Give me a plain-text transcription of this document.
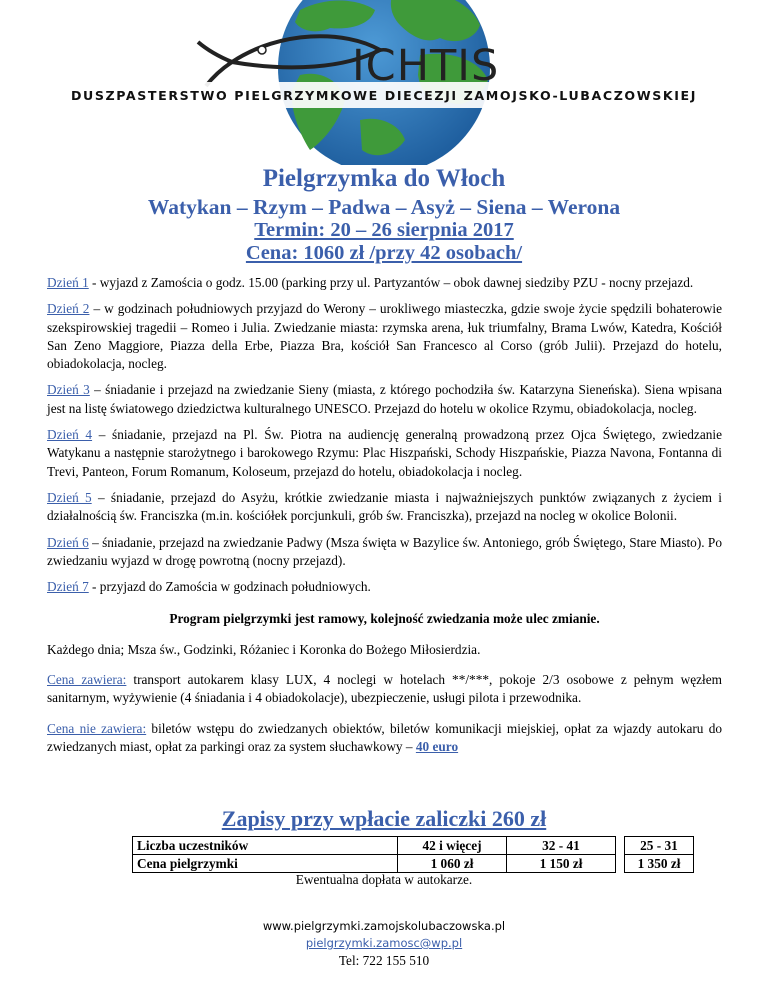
ICHTIS
DUSZPASTERSTWO PIELGRZYMKOWE DIECEZJI ZAMOJSKO-LUBACZOWSKIEJ
Pielgrzymka do Włoch
Watykan – Rzym – Padwa – Asyż – Siena – Werona
Termin: 20 – 26 sierpnia 2017
Cena: 1060 zł /przy 42 osobach/

Dzień 1 - wyjazd z Zamościa o godz. 15.00 (parking przy ul. Partyzantów – obok dawnej siedziby PZU - nocny przejazd.

Dzień 2 – w godzinach południowych przyjazd do Werony – urokliwego miasteczka, gdzie swoje życie spędzili bohaterowie szekspirowskiej tragedii – Romeo i Julia. Zwiedzanie miasta: rzymska arena, łuk triumfalny, Brama Lwów, Katedra, Kościół San Zeno Maggiore, Piazza della Erbe, Piazza Bra, kościół San Francesco al Corso (grób Julii). Przejazd do hotelu, obiadokolacja, nocleg.

Dzień 3 – śniadanie i przejazd na zwiedzanie Sieny (miasta, z którego pochodziła św. Katarzyna Sieneńska). Siena wpisana jest na listę światowego dziedzictwa kulturalnego UNESCO. Przejazd do hotelu w okolice Rzymu, obiadokolacja, nocleg.

Dzień 4 – śniadanie, przejazd na Pl. Św. Piotra na audiencję generalną prowadzoną przez Ojca Świętego, zwiedzanie Watykanu a następnie starożytnego i barokowego Rzymu: Plac Hiszpański, Schody Hiszpańskie, Piazza Navona, Fontanna di Trevi, Panteon, Forum Romanum, Koloseum, przejazd do hotelu, obiadokolacja i nocleg.

Dzień 5 – śniadanie, przejazd do Asyżu, krótkie zwiedzanie miasta i najważniejszych punktów związanych z życiem i działalnością św. Franciszka (m.in. kościółek porcjunkuli, grób św. Franciszka), przejazd na nocleg w okolice Bolonii.

Dzień 6 – śniadanie, przejazd na zwiedzanie Padwy (Msza święta w Bazylice św. Antoniego, grób Świętego, Stare Miasto). Po zwiedzaniu wyjazd w drogę powrotną (nocny przejazd).

Dzień 7 - przyjazd do Zamościa w godzinach południowych.

Program pielgrzymki jest ramowy, kolejność zwiedzania może ulec zmianie.

Każdego dnia; Msza św., Godzinki, Różaniec i Koronka do Bożego Miłosierdzia.

Cena zawiera: transport autokarem klasy LUX, 4 noclegi w hotelach **/***, pokoje 2/3 osobowe z pełnym węzłem sanitarnym, wyżywienie (4 śniadania i 4 obiadokolacje), ubezpieczenie, usługi pilota i przewodnika.

Cena nie zawiera: biletów wstępu do zwiedzanych obiektów, biletów komunikacji miejskiej, opłat za wjazdy autokaru do zwiedzanych miast, opłat za parkingi oraz za system słuchawkowy – 40 euro

Zapisy przy wpłacie zaliczki 260 zł
Liczba uczestników	42 i więcej	32 - 41		25 - 31
Cena pielgrzymki	1 060 zł	1 150 zł		1 350 zł
Ewentualna dopłata w autokarze.
www.pielgrzymki.zamojskolubaczowska.pl
pielgrzymki.zamosc@wp.pl
Tel: 722 155 510
